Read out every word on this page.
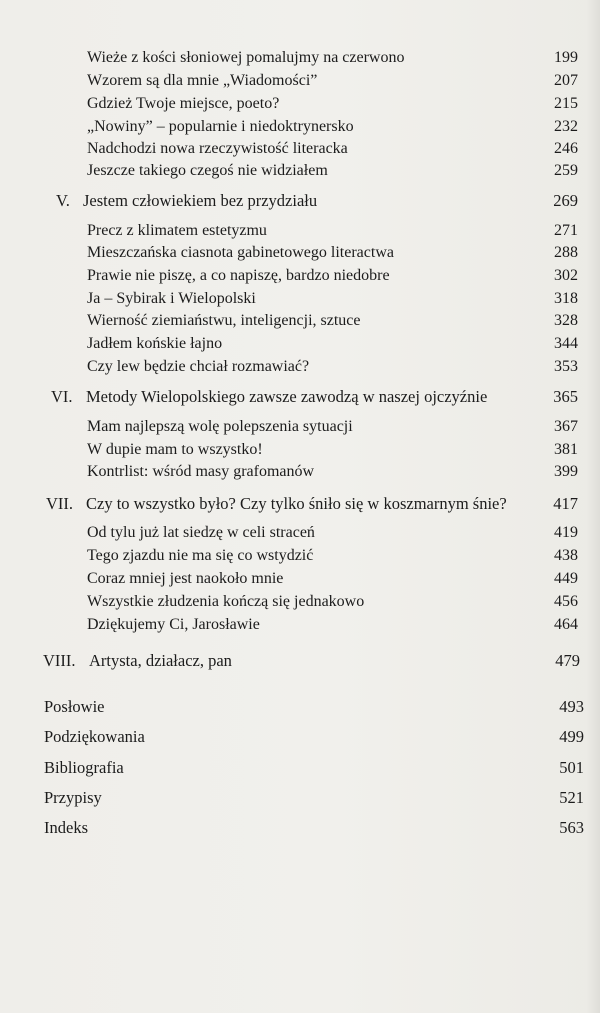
Wieże z kości słoniowej pomalujmy na czerwono	199
Wzorem są dla mnie „Wiadomości”	207
Gdzież Twoje miejsce, poeto?	215
„Nowiny” – popularnie i niedoktrynersko	232
Nadchodzi nowa rzeczywistość literacka	246
Jeszcze takiego czegoś nie widziałem	259
V. Jestem człowiekiem bez przydziału	269
Precz z klimatem estetyzmu	271
Mieszczańska ciasnota gabinetowego literactwa	288
Prawie nie piszę, a co napiszę, bardzo niedobre	302
Ja – Sybirak i Wielopolski	318
Wierność ziemiaństwu, inteligencji, sztuce	328
Jadłem końskie łajno	344
Czy lew będzie chciał rozmawiać?	353
VI. Metody Wielopolskiego zawsze zawodzą w naszej ojczyźnie	365
Mam najlepszą wolę polepszenia sytuacji	367
W dupie mam to wszystko!	381
Kontrlist: wśród masy grafomanów	399
VII. Czy to wszystko było? Czy tylko śniło się w koszmarnym śnie?	417
Od tylu już lat siedzę w celi straceń	419
Tego zjazdu nie ma się co wstydzić	438
Coraz mniej jest naokoło mnie	449
Wszystkie złudzenia kończą się jednakowo	456
Dziękujemy Ci, Jarosławie	464
VIII. Artysta, działacz, pan	479
Posłowie	493
Podziękowania	499
Bibliografia	501
Przypisy	521
Indeks	563
